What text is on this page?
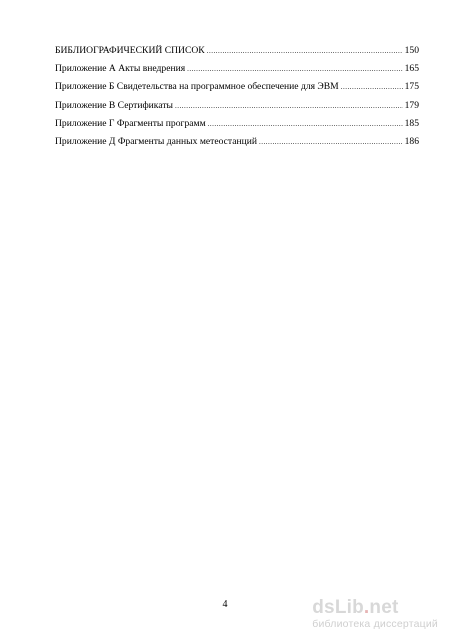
БИБЛИОГРАФИЧЕСКИЙ СПИСОК .....	150
Приложение А Акты внедрения .....	165
Приложение Б Свидетельства на программное обеспечение для ЭВМ .....	175
Приложение В Сертификаты .....	179
Приложение Г Фрагменты программ .....	185
Приложение Д Фрагменты данных метеостанций .....	186
4	dsLib.net
библиотека диссертаций
